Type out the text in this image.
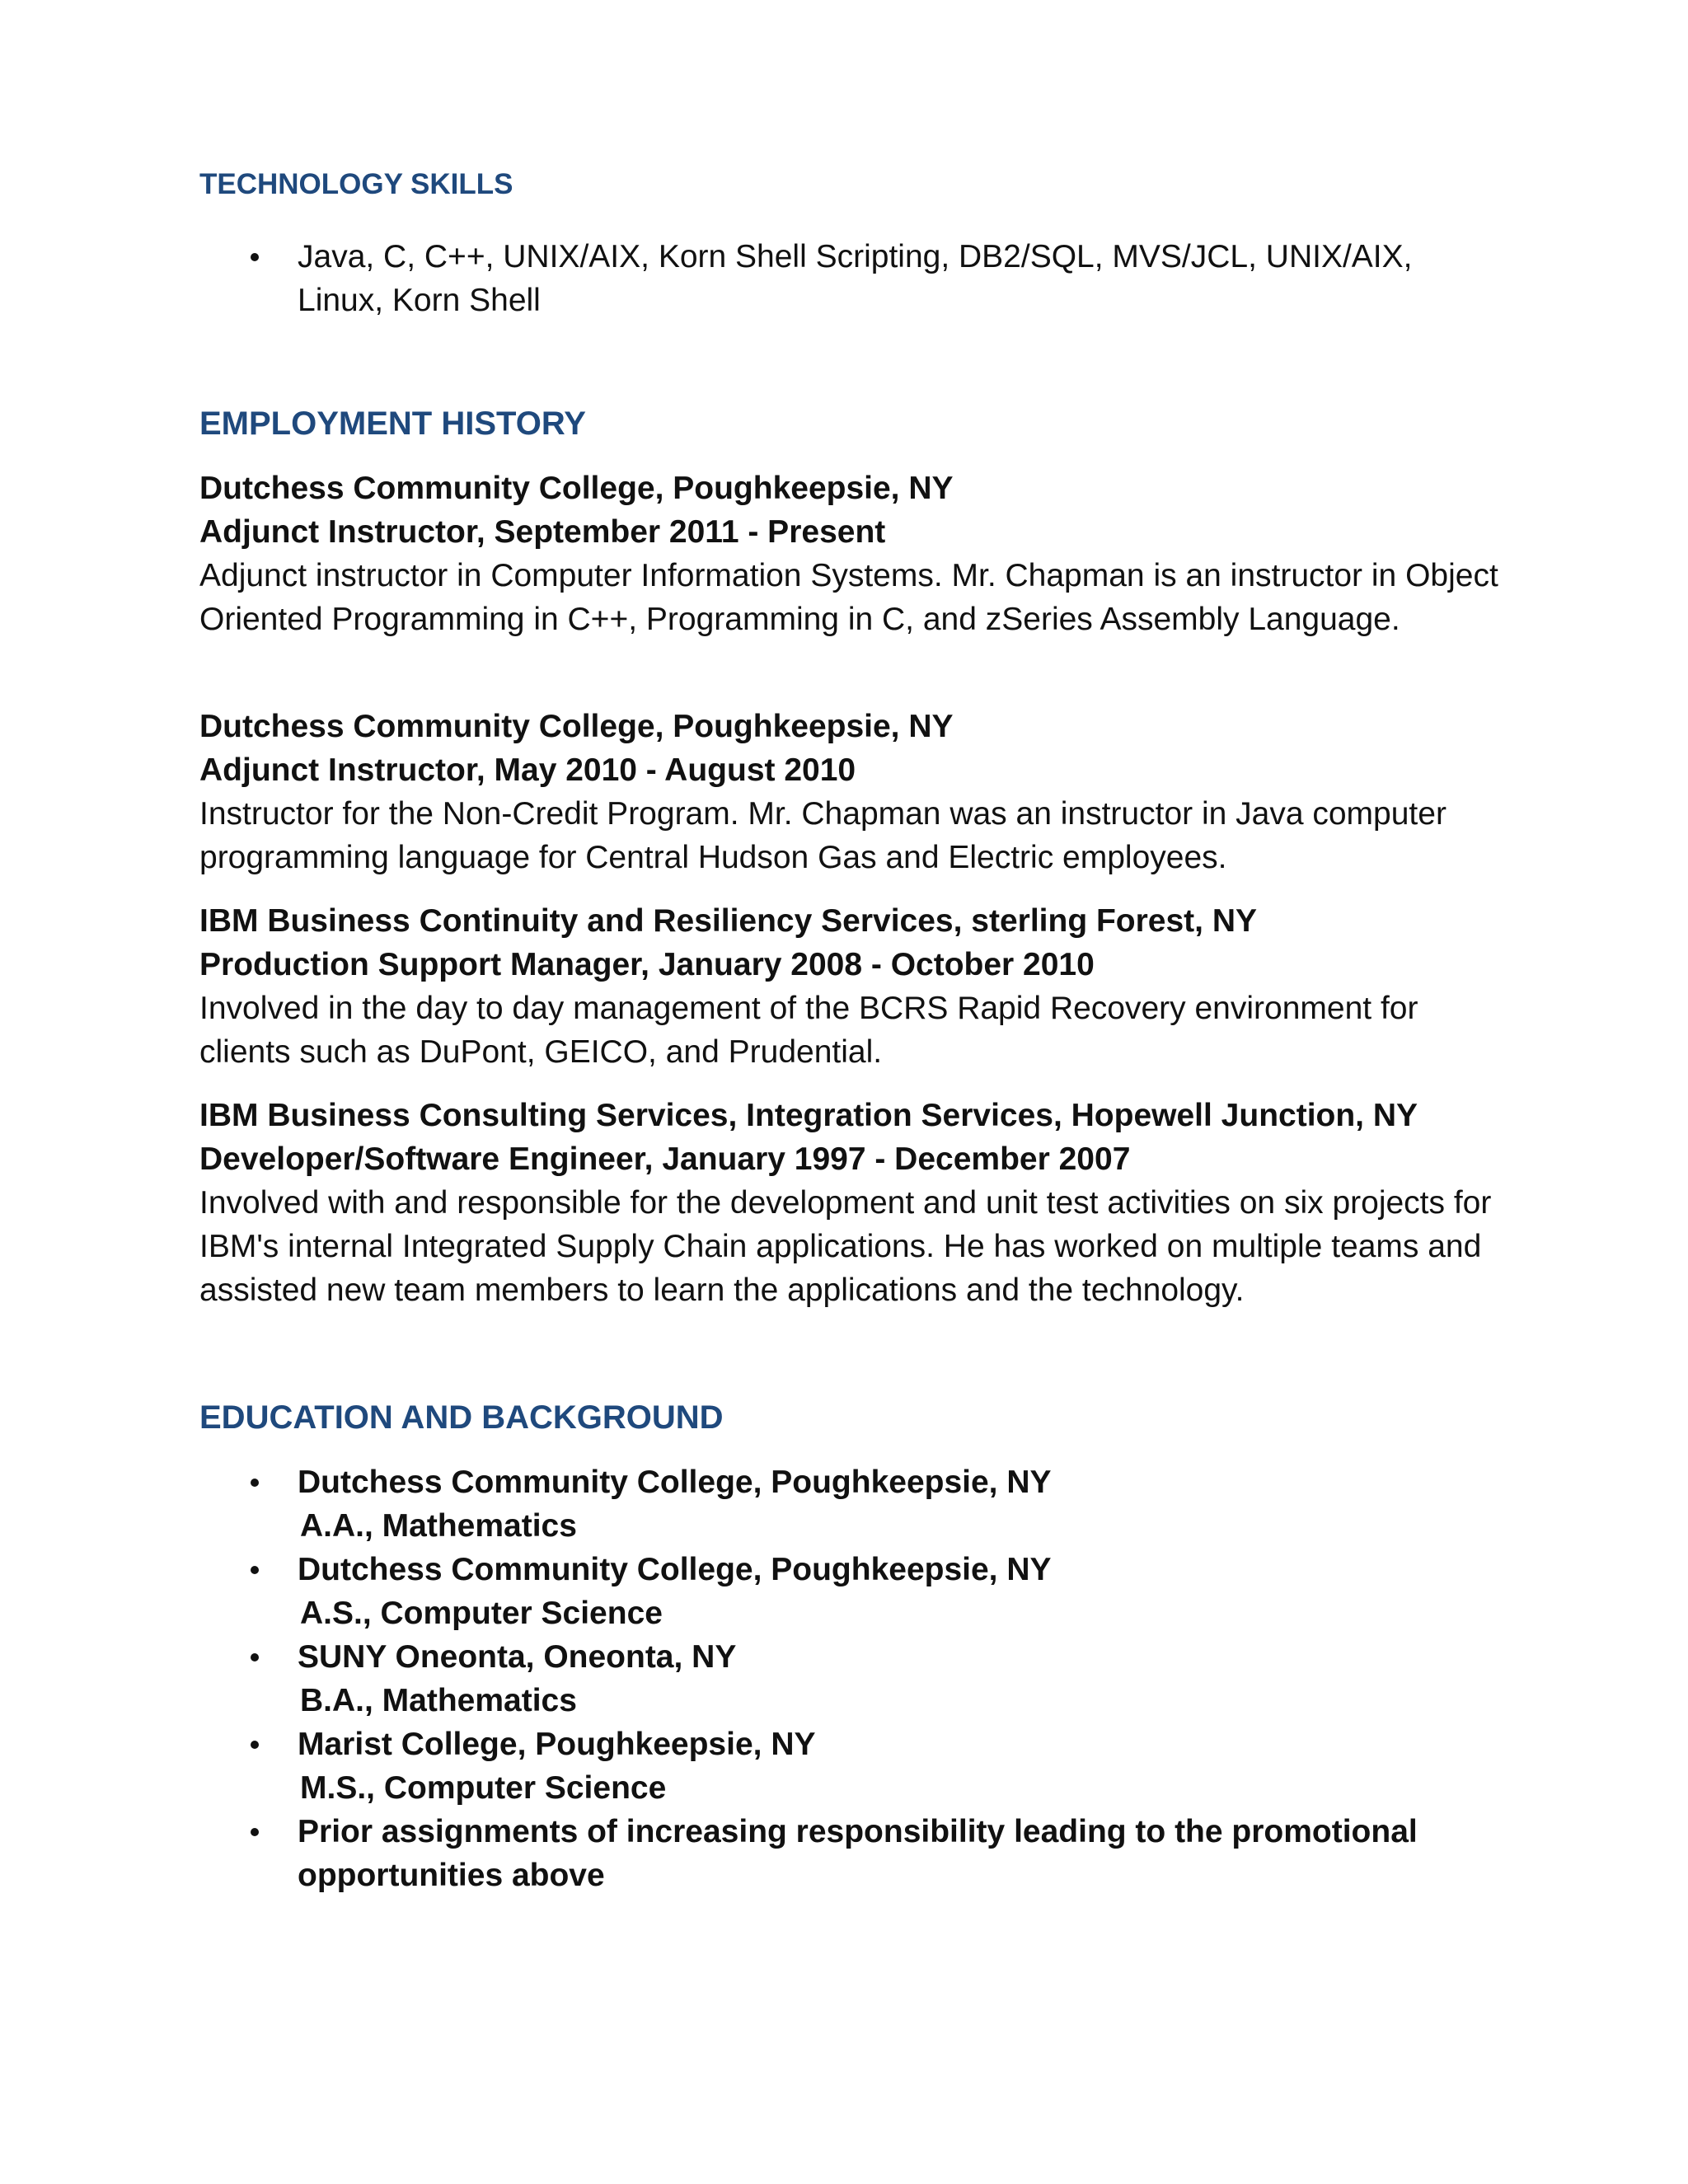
TECHNOLOGY SKILLS
Java, C, C++, UNIX/AIX, Korn Shell Scripting, DB2/SQL, MVS/JCL, UNIX/AIX, Linux, Korn Shell
EMPLOYMENT HISTORY
Dutchess Community College, Poughkeepsie, NY
Adjunct Instructor, September 2011 - Present
Adjunct instructor in Computer Information Systems. Mr. Chapman is an instructor in Object Oriented Programming in C++, Programming in C, and zSeries Assembly Language.
Dutchess Community College, Poughkeepsie, NY
Adjunct Instructor, May 2010 - August 2010
Instructor for the Non-Credit Program. Mr. Chapman was an instructor in Java computer programming language for Central Hudson Gas and Electric employees.
IBM Business Continuity and Resiliency Services, sterling Forest, NY
Production Support Manager, January 2008 - October 2010
Involved in the day to day management of the BCRS Rapid Recovery environment for clients such as DuPont, GEICO, and Prudential.
IBM Business Consulting Services, Integration Services, Hopewell Junction, NY
Developer/Software Engineer, January 1997 - December 2007
Involved with and responsible for the development and unit test activities on six projects for IBM's internal Integrated Supply Chain applications. He has worked on multiple teams and assisted new team members to learn the applications and the technology.
EDUCATION AND BACKGROUND
Dutchess Community College, Poughkeepsie, NY
A.A., Mathematics
Dutchess Community College, Poughkeepsie, NY
A.S., Computer Science
SUNY Oneonta, Oneonta, NY
B.A., Mathematics
Marist College, Poughkeepsie, NY
M.S., Computer Science
Prior assignments of increasing responsibility leading to the promotional opportunities above
